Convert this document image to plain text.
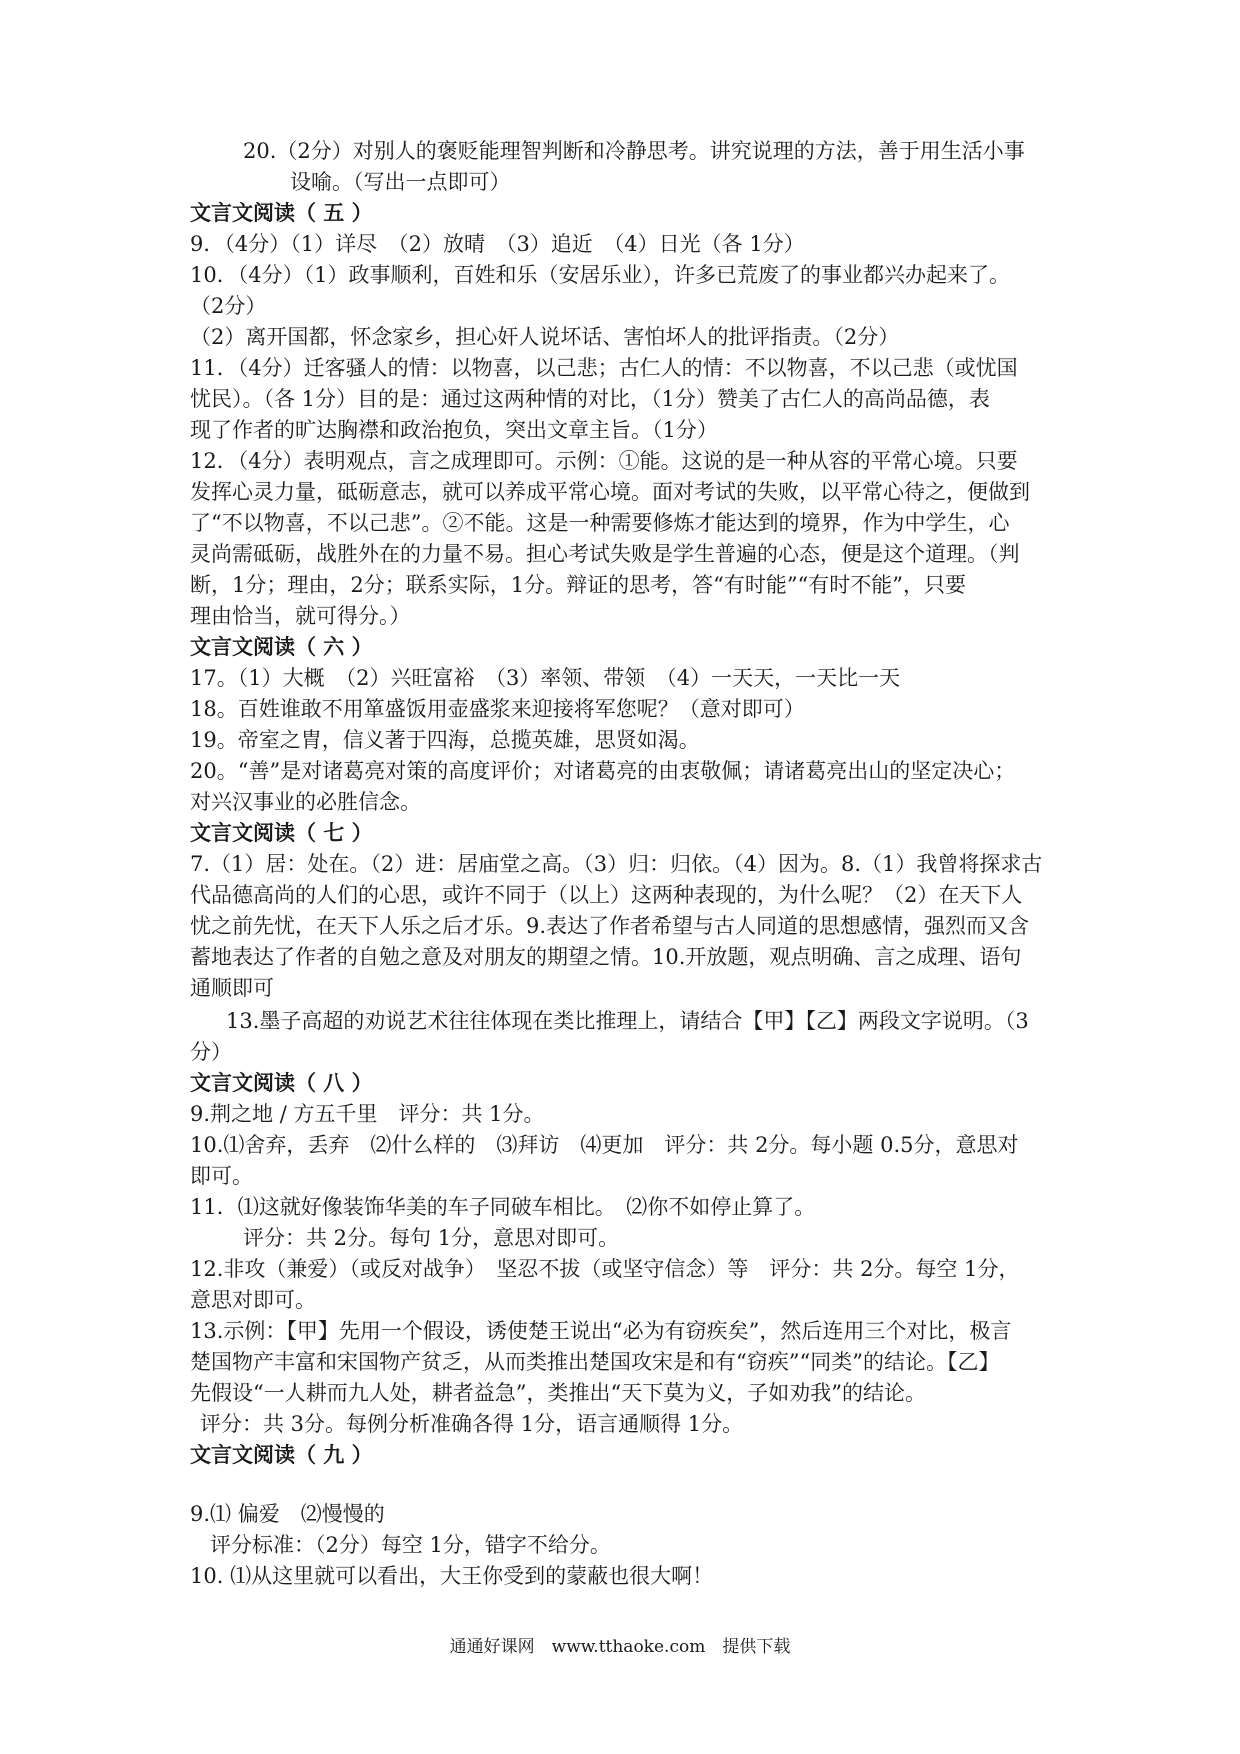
20.（2分）对别人的褒贬能理智判断和冷静思考。讲究说理的方法，善于用生活小事
设喻。（写出一点即可）
文言文阅读（ 五 ）
9．（4分）（1）详尽　（2）放晴　（3）追近　（4）日光（各 1分）
10．（4分）（1）政事顺利，百姓和乐（安居乐业），许多已荒废了的事业都兴办起来了。
（2分）
（2）离开国都，怀念家乡，担心奸人说坏话、害怕坏人的批评指责。（2分）
11．（4分）迁客骚人的情：以物喜，以己悲；古仁人的情：不以物喜，不以己悲（或忧国
忧民）。（各 1分）目的是：通过这两种情的对比，（1分）赞美了古仁人的高尚品德，表
现了作者的旷达胸襟和政治抱负，突出文章主旨。（1分）
12．（4分）表明观点，言之成理即可。示例：①能。这说的是一种从容的平常心境。只要
发挥心灵力量，砥砺意志，就可以养成平常心境。面对考试的失败，以平常心待之，便做到
了“不以物喜，不以己悲”。②不能。这是一种需要修炼才能达到的境界，作为中学生，心
灵尚需砥砺，战胜外在的力量不易。担心考试失败是学生普遍的心态，便是这个道理。（判
断，1分；理由，2分；联系实际，1分。辩证的思考，答“有时能”“有时不能”，只要
理由恰当，就可得分。）
文言文阅读（ 六 ）
17。（1）大概　（2）兴旺富裕　（3）率领、带领　（4）一天天，一天比一天
18。百姓谁敢不用箪盛饭用壶盛浆来迎接将军您呢？（意对即可）
19。帝室之胄，信义著于四海，总揽英雄，思贤如渴。
20。“善”是对诸葛亮对策的高度评价；对诸葛亮的由衷敬佩；请诸葛亮出山的坚定决心；
对兴汉事业的必胜信念。
文言文阅读（ 七 ）
7.（1）居：处在。（2）进：居庙堂之高。（3）归：归依。（4）因为。8.（1）我曾将探求古
代品德高尚的人们的心思，或许不同于（以上）这两种表现的，为什么呢？（2）在天下人
忧之前先忧，在天下人乐之后才乐。9.表达了作者希望与古人同道的思想感情，强烈而又含
蓄地表达了作者的自勉之意及对朋友的期望之情。10.开放题，观点明确、言之成理、语句
通顺即可
13.墨子高超的劝说艺术往往体现在类比推理上，请结合【甲】【乙】两段文字说明。（3
分）
文言文阅读（ 八 ）
9.荆之地 / 方五千里　评分：共 1分。
10.⑴舍弃，丢弃　⑵什么样的　⑶拜访　⑷更加　评分：共 2分。每小题 0.5分，意思对
即可。
11．⑴这就好像装饰华美的车子同破车相比。　⑵你不如停止算了。
评分：共 2分。每句 1分，意思对即可。
12.非攻（兼爱）（或反对战争）　坚忍不拔（或坚守信念）等　评分：共 2分。每空 1分，
意思对即可。
13.示例：【甲】先用一个假设，诱使楚王说出“必为有窃疾矣”，然后连用三个对比，极言
楚国物产丰富和宋国物产贫乏，从而类推出楚国攻宋是和有“窃疾”“同类”的结论。【乙】
先假设“一人耕而九人处，耕者益急”，类推出“天下莫为义，子如劝我”的结论。
评分：共 3分。每例分析准确各得 1分，语言通顺得 1分。
文言文阅读（ 九 ）
9.⑴ 偏爱　⑵慢慢的
评分标准：（2分）每空 1分，错字不给分。
10. ⑴从这里就可以看出，大王你受到的蒙蔽也很大啊！
通通好课网　www.tthaoke.com　提供下载
